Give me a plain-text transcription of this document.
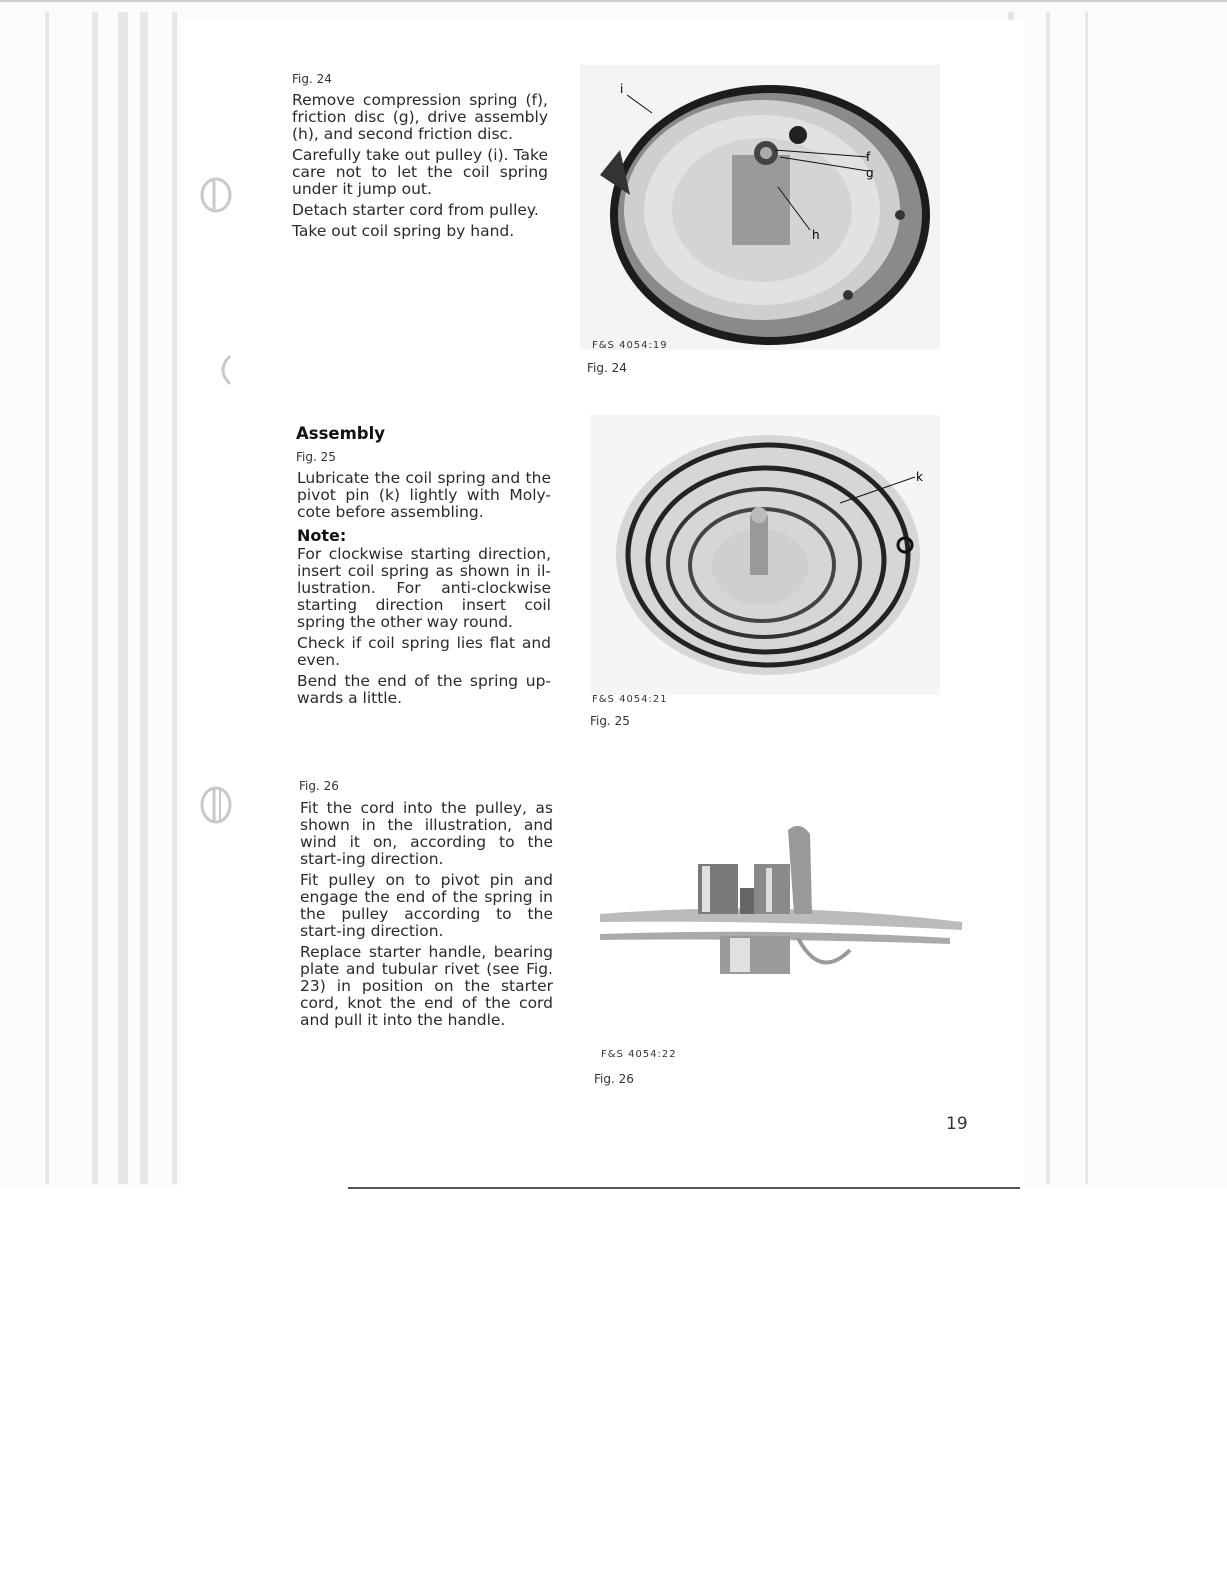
Fig. 24

Remove compression spring (f), friction disc (g), drive assembly (h), and second friction disc.

Carefully take out pulley (i). Take care not to let the coil spring under it jump out.

Detach starter cord from pulley.

Take out coil spring by hand.

i
f
g
h
F&S 4054:19
Fig. 24
Assembly
Fig. 25

Lubricate the coil spring and the pivot pin (k) lightly with Moly-cote before assembling.

Note:

For clockwise starting direction, insert coil spring as shown in il-lustration. For anti-clockwise starting direction insert coil spring the other way round.

Check if coil spring lies flat and even.

Bend the end of the spring up-wards a little.

k
F&S 4054:21
Fig. 25
Fig. 26

Fit the cord into the pulley, as shown in the illustration, and wind it on, according to the start-ing direction.

Fit pulley on to pivot pin and engage the end of the spring in the pulley according to the start-ing direction.

Replace starter handle, bearing plate and tubular rivet (see Fig. 23) in position on the starter cord, knot the end of the cord and pull it into the handle.

F&S 4054:22
Fig. 26
19
